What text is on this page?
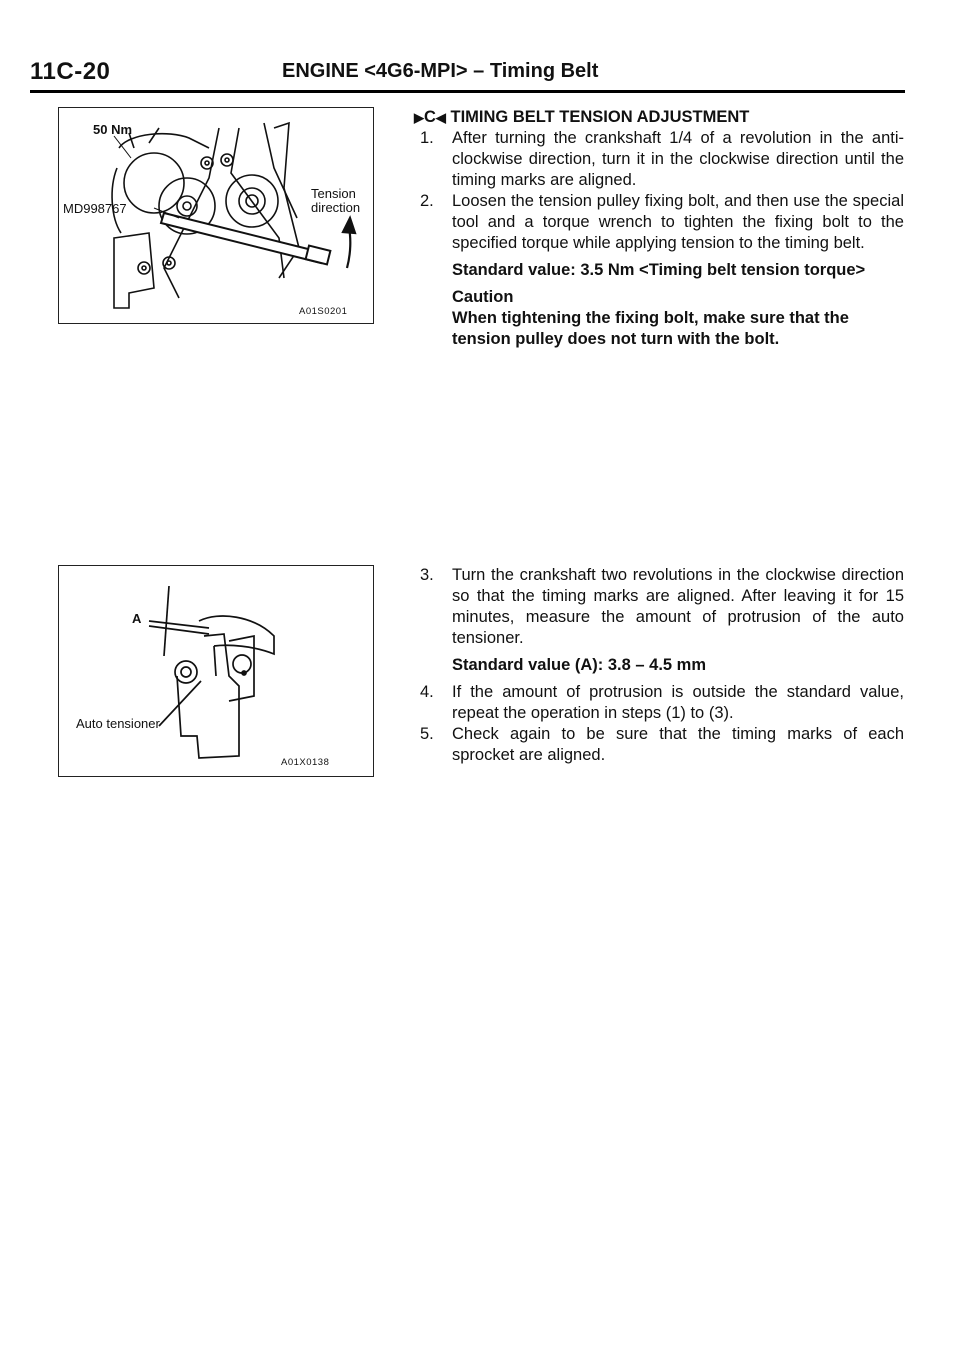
11C-20	ENGINE <4G6-MPI> – Timing Belt
50 Nm
MD998767
Tension
direction
A01S0201
A
Auto tensioner
A01X0138
▶C◀ TIMING BELT TENSION ADJUSTMENT
1. After turning the crankshaft 1/4 of a revolution in the anti-clockwise direction, turn it in the clockwise direction until the timing marks are aligned.
2. Loosen the tension pulley fixing bolt, and then use the special tool and a torque wrench to tighten the fixing bolt to the specified torque while applying tension to the timing belt.
Standard value: 3.5 Nm <Timing belt tension torque>
Caution
When tightening the fixing bolt, make sure that the tension pulley does not turn with the bolt.
3. Turn the crankshaft two revolutions in the clockwise direction so that the timing marks are aligned. After leaving it for 15 minutes, measure the amount of protrusion of the auto tensioner.
Standard value (A): 3.8 – 4.5 mm
4. If the amount of protrusion is outside the standard value, repeat the operation in steps (1) to (3).
5. Check again to be sure that the timing marks of each sprocket are aligned.
